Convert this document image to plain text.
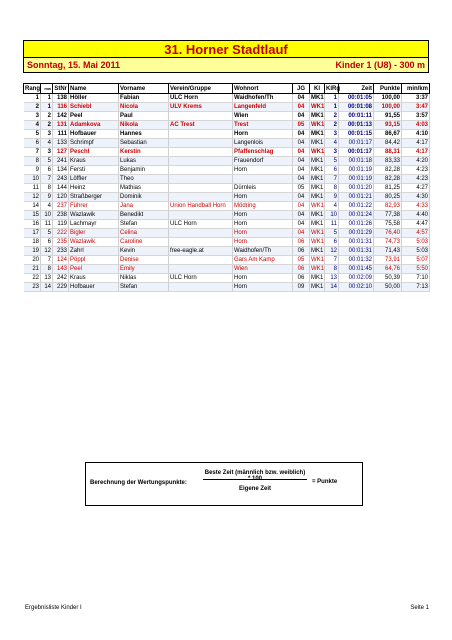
31. Horner Stadtlauf
Sonntag, 15. Mai 2011	Kinder 1 (U8) - 300 m
Rang	mw	StNr	Name	Vorname	Verein/Gruppe	Wohnort	JG	Kl	KlRg	Zeit	Punkte	min/km
1	1	138	Höller	Fabian	ULC Horn	Waidhofen/Th	04	MK1	1	00:01:05	100,00	3:37
2	1	116	Schiebl	Nicola	ULV Krems	Langenfeld	04	WK1	1	00:01:08	100,00	3:47
3	2	142	Peel	Paul		Wien	04	MK1	2	00:01:11	91,55	3:57
4	2	131	Adamkova	Nikola	AC Trest	Trest	05	WK1	2	00:01:13	93,15	4:03
5	3	111	Hofbauer	Hannes		Horn	04	MK1	3	00:01:15	86,67	4:10
6	4	133	Schrimpf	Sebastian		Langenlois	04	MK1	4	00:01:17	84,42	4:17
7	3	127	Peschl	Kerstin		Pfaffenschlag	04	WK1	3	00:01:17	88,31	4:17
8	5	241	Kraus	Lukas		Frauendorf	04	MK1	5	00:01:18	83,33	4:20
9	6	134	Fersti	Benjamin		Horn	04	MK1	6	00:01:19	82,28	4:23
10	7	243	Löffler	Theo			04	MK1	7	00:01:19	82,28	4:23
11	8	144	Heinz	Mathias		Dürnleis	05	MK1	8	00:01:20	81,25	4:27
12	9	120	Straßberger	Dominik		Horn	04	MK1	9	00:01:21	80,25	4:30
14	4	237	Führer	Jana	Union Handball Horn	Mödring	04	WK1	4	00:01:22	82,93	4:33
15	10	238	Wazlawik	Benedikt		Horn	04	MK1	10	00:01:24	77,38	4:40
16	11	119	Lachmayr	Stefan	ULC Horn	Horn	04	MK1	11	00:01:26	75,58	4:47
17	5	222	Bigler	Celina		Horn	04	WK1	5	00:01:29	76,40	4:57
18	6	235	Wazlawik	Caroline		Horn	06	WK1	6	00:01:31	74,73	5:03
19	12	233	Zahrl	Kevin	free-eagle.at	Waidhofen/Th	06	MK1	12	00:01:31	71,43	5:03
20	7	124	Pöppl	Denise		Gars Am Kamp	05	WK1	7	00:01:32	73,91	5:07
21	8	143	Peel	Emily		Wien	06	WK1	8	00:01:45	64,76	5:50
22	13	242	Kraus	Niklas	ULC Horn	Horn	06	MK1	13	00:02:09	50,39	7:10
23	14	229	Hofbauer	Stefan		Horn	09	MK1	14	00:02:10	50,00	7:13
Berechnung der Wertungspunkte:
Beste Zeit (männlich bzw. weiblich) * 100
Eigene Zeit
= Punkte
Ergebnisliste Kinder I	Seite 1
